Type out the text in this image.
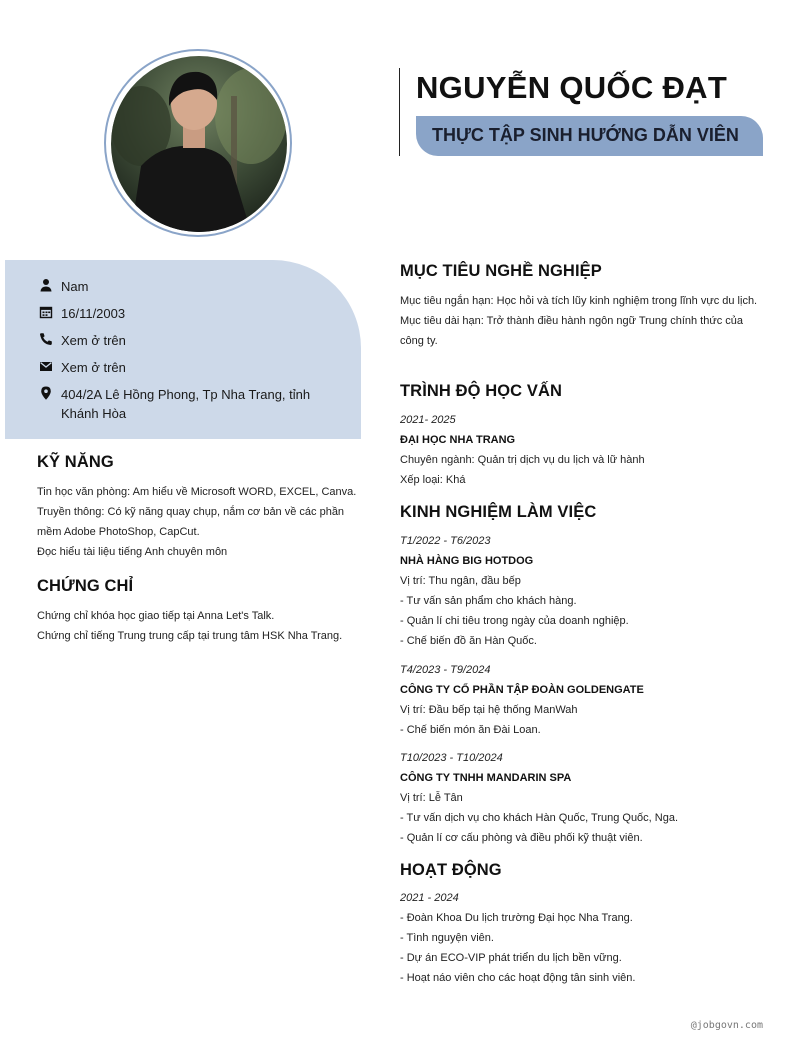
NGUYỄN QUỐC ĐẠT
THỰC TẬP SINH HƯỚNG DẪN VIÊN
Nam
16/11/2003
Xem ở trên
Xem ở trên
404/2A Lê Hồng Phong, Tp Nha Trang, tỉnh Khánh Hòa
KỸ NĂNG
Tin học văn phòng: Am hiểu về Microsoft WORD, EXCEL, Canva.
Truyền thông: Có kỹ năng quay chụp, nắm cơ bản về các phần mềm Adobe PhotoShop, CapCut.
Đọc hiểu tài liệu tiếng Anh chuyên môn
CHỨNG CHỈ
Chứng chỉ khóa học giao tiếp tại Anna Let's Talk.
Chứng chỉ tiếng Trung trung cấp tại trung tâm HSK Nha Trang.
MỤC TIÊU NGHỀ NGHIỆP
Mục tiêu ngắn hạn: Học hỏi và tích lũy kinh nghiệm trong lĩnh vực du lịch.
Mục tiêu dài hạn: Trở thành điều hành ngôn ngữ Trung chính thức của
công ty.
TRÌNH ĐỘ HỌC VẤN
2021- 2025
ĐẠI HỌC NHA TRANG
Chuyên ngành: Quản trị dịch vụ du lịch và lữ hành
Xếp loại: Khá
KINH NGHIỆM LÀM VIỆC
T1/2022 - T6/2023
NHÀ HÀNG BIG HOTDOG
Vị trí: Thu ngân, đầu bếp
- Tư vấn sản phẩm cho khách hàng.
- Quản lí chi tiêu trong ngày của doanh nghiệp.
- Chế biến đồ ăn Hàn Quốc.
T4/2023 - T9/2024
CÔNG TY CỔ PHẦN TẬP ĐOÀN GOLDENGATE
Vị trí: Đầu bếp tại hệ thống ManWah
- Chế biến món ăn Đài Loan.
T10/2023 - T10/2024
CÔNG TY TNHH MANDARIN SPA
Vị trí: Lễ Tân
- Tư vấn dịch vụ cho khách Hàn Quốc, Trung Quốc, Nga.
- Quản lí cơ cấu phòng và điều phối kỹ thuật viên.
HOẠT ĐỘNG
2021 - 2024
- Đoàn Khoa Du lịch trường Đại học Nha Trang.
- Tình nguyện viên.
- Dự án ECO-VIP phát triển du lịch bền vững.
- Hoạt náo viên cho các hoạt động tân sinh viên.
@jobgovn.com
